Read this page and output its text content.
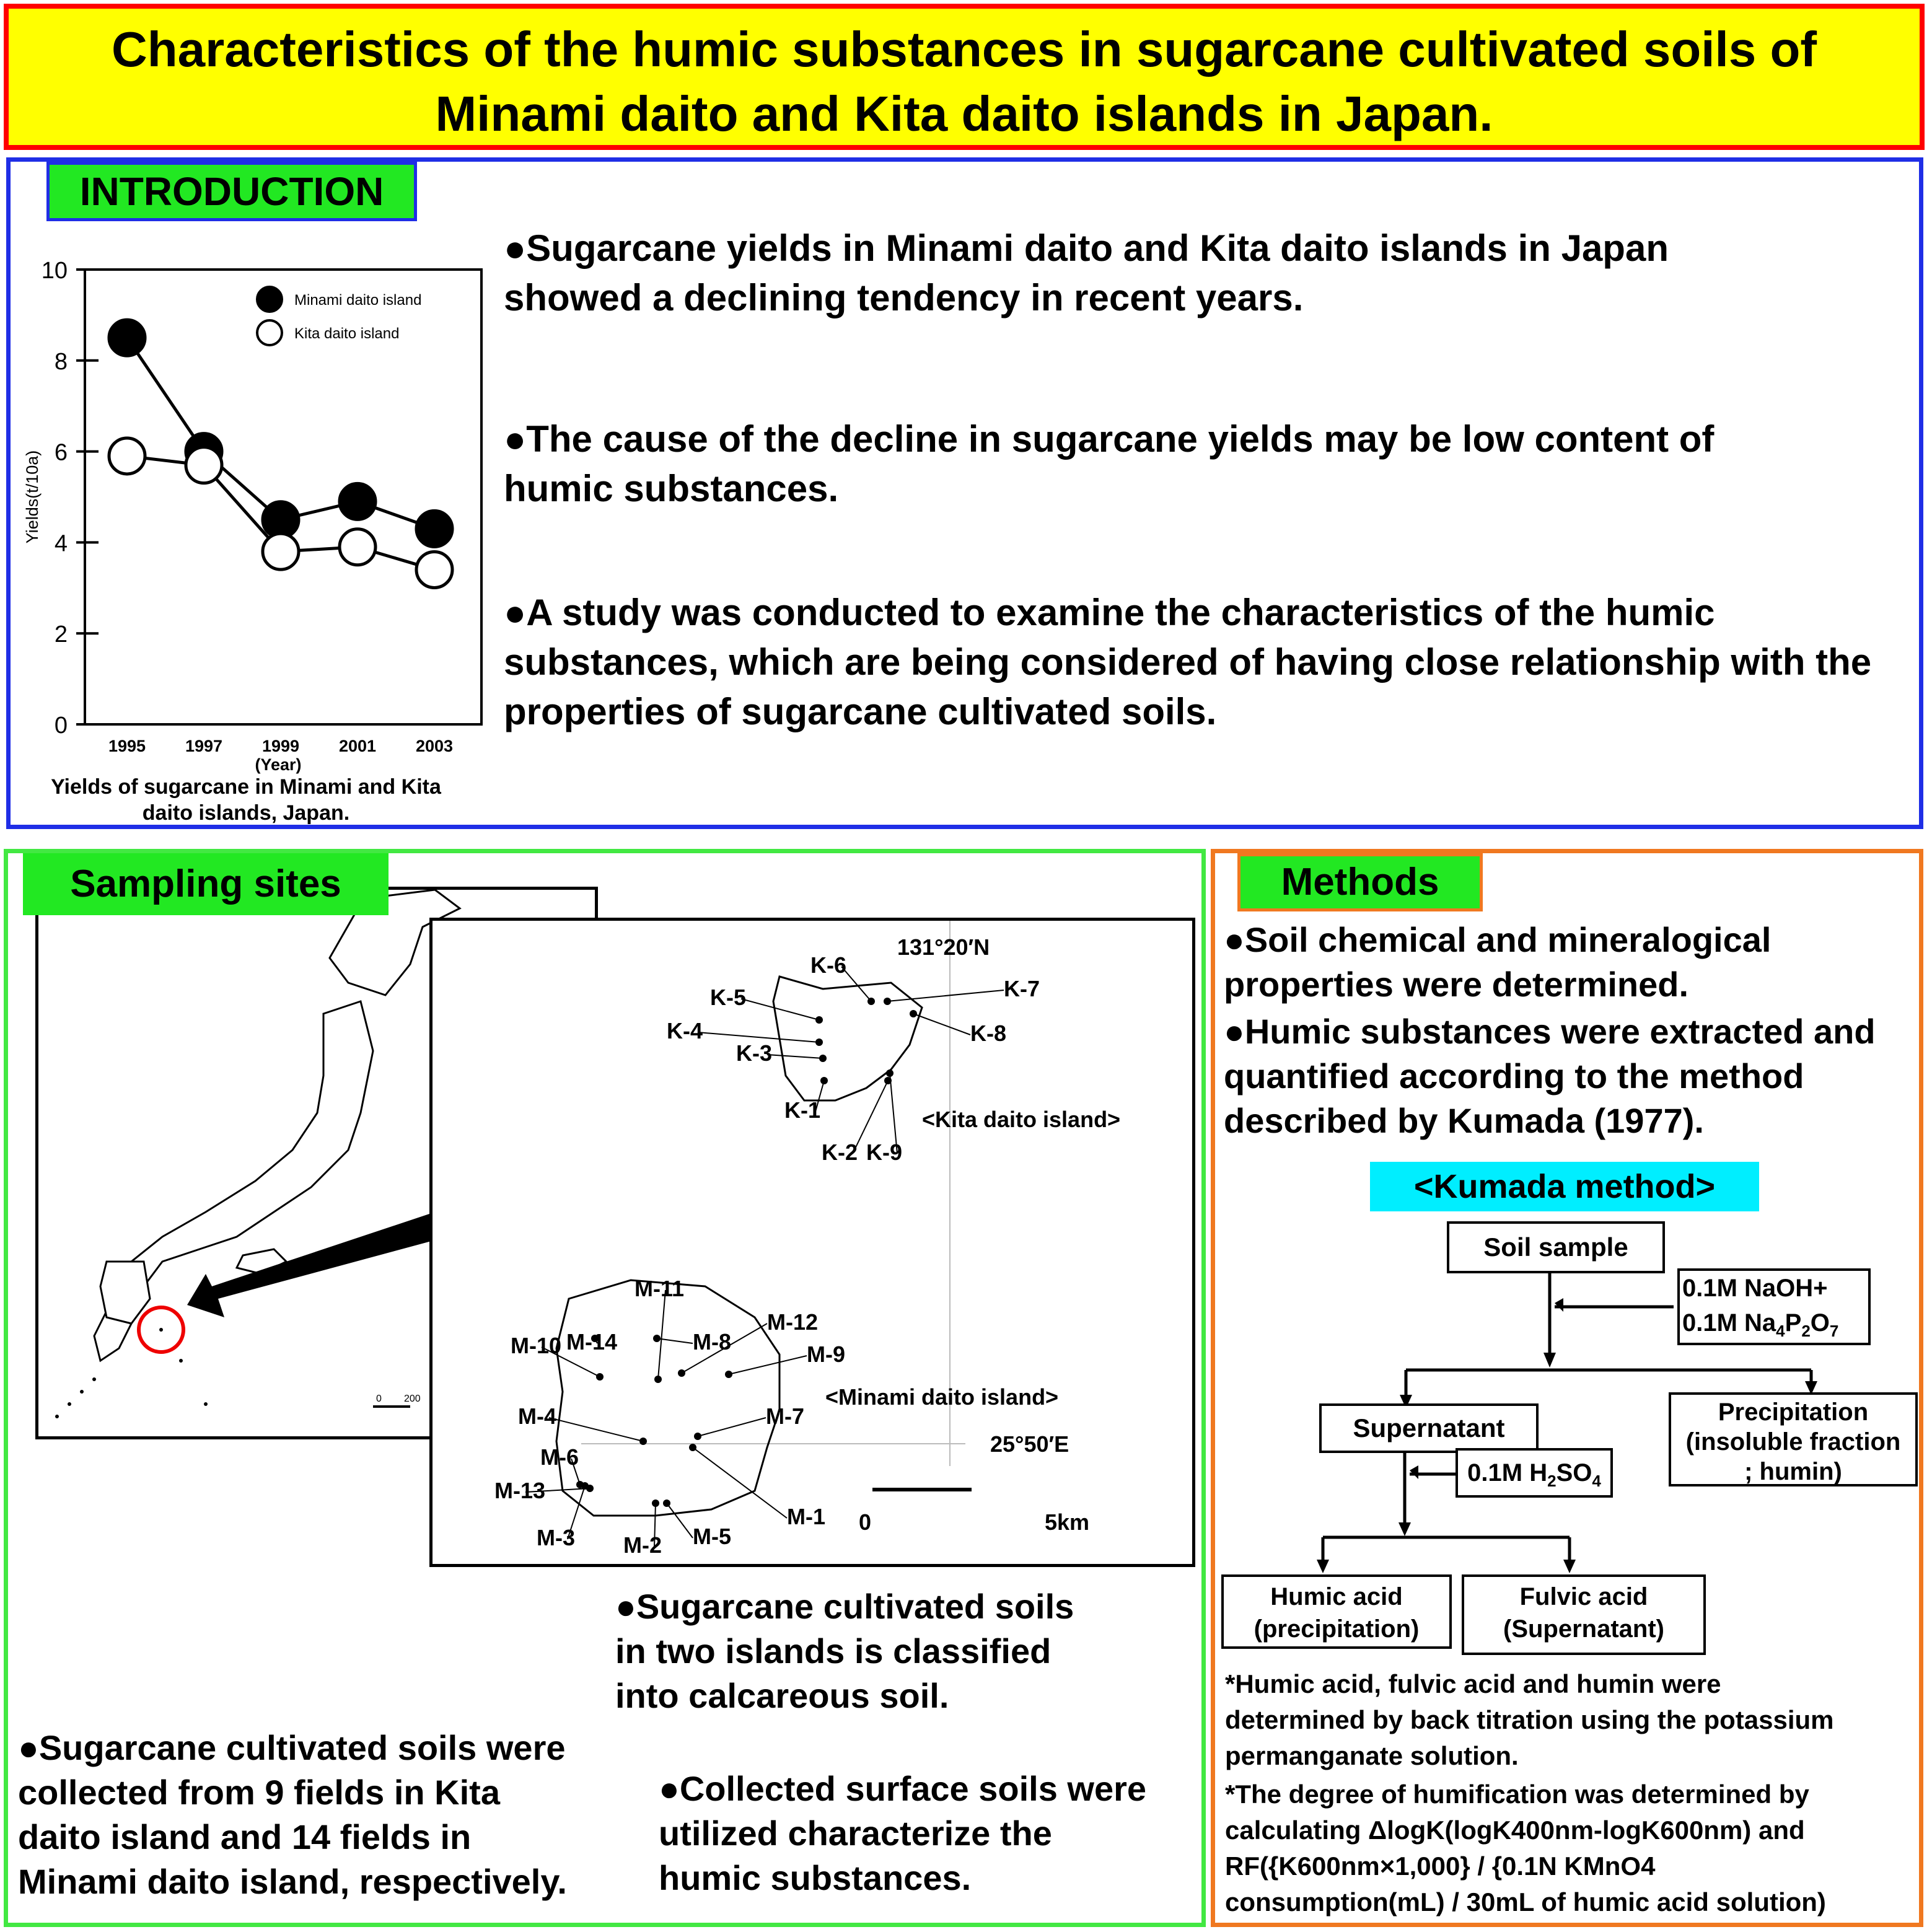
Characteristics of the humic substances in sugarcane cultivated soils of
Minami daito and Kita daito islands in Japan.
INTRODUCTION
0
2
4
6
8
10
1995 1997 1999 2001 2003
(Year)
Yields(t/10a)
Minami daito island
Kita daito island
●Sugarcane yields in Minami daito and Kita daito islands in Japan showed a declining tendency in recent years.
●The cause of the decline in sugarcane yields may be low content of humic substances.
●A study was conducted to examine the characteristics of the humic substances, which are being considered of having close relationship with the properties of sugarcane cultivated soils.
Yields of sugarcane in Minami and Kita
daito islands, Japan.
0 200
Sampling sites
K-1
K-2
K-3
K-4
K-5
K-6
K-7
K-8
K-9
M-1
M-2
M-3
M-4
M-5
M-6
M-7
M-8	M-9
M-10
M-11
M-12
M-13
M-14
131°20′N
<Kita daito island>
<Minami daito island>
25°50′E
0	5km
●Sugarcane cultivated soils
in two islands is classified
into calcareous soil.
●Sugarcane cultivated soils were
collected from 9 fields in Kita
daito island and 14 fields in
Minami daito island, respectively.
●Collected surface soils were
utilized characterize the
humic substances.
Methods
●Soil chemical and mineralogical
properties were determined.
●Humic substances were extracted and
quantified according to the method
described by Kumada (1977).
<Kumada method>
Soil sample
0.1M NaOH+
0.1M $Na_4P_2O_7$
Supernatant
Precipitation
(insoluble fraction
; humin)
0.1M $H_2SO_4$
Humic acid
(precipitation)
Fulvic acid
(Supernatant)
*Humic acid, fulvic acid and humin were
determined by back titration using the potassium
permanganate solution.
*The degree of humification was determined by
calculating ΔlogK(logK400nm-logK600nm) and
RF({K600nm×1,000} / {0.1N KMnO4
consumption(mL) / 30mL of humic acid solution)
